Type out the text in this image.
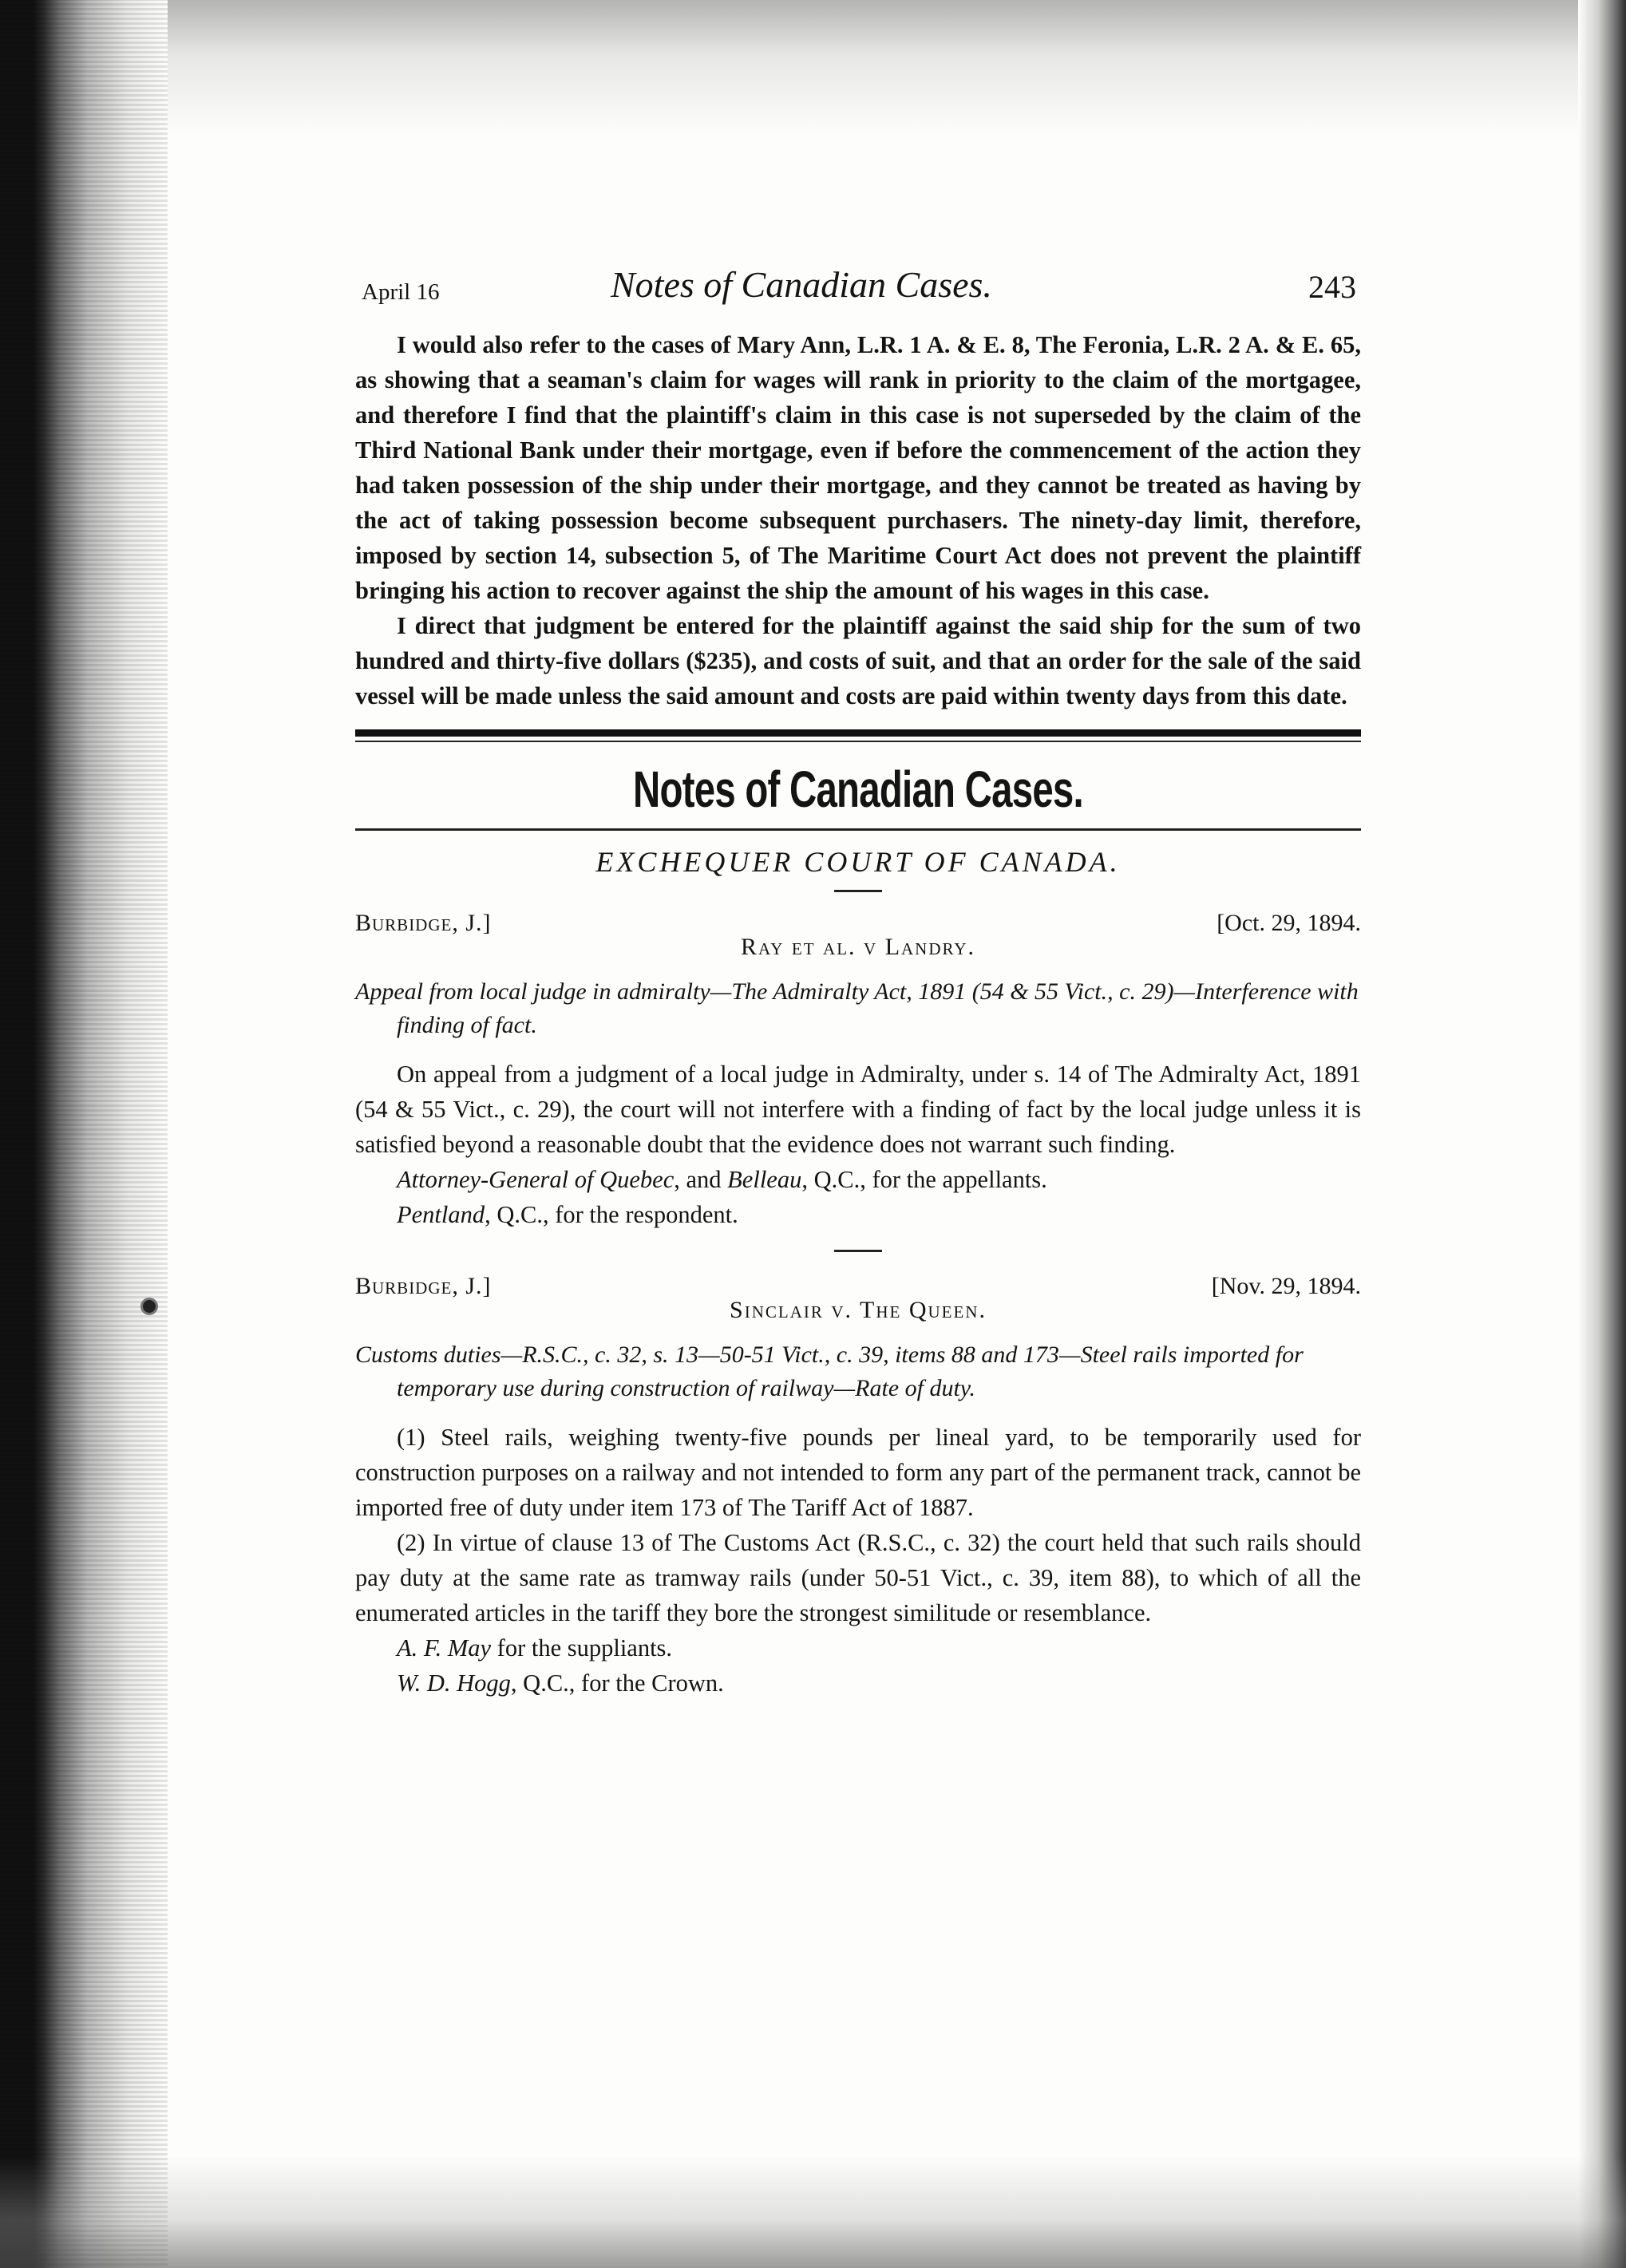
April 16	Notes of Canadian Cases.	243

I would also refer to the cases of Mary Ann, L.R. 1 A. & E. 8, The Feronia, L.R. 2 A. & E. 65, as showing that a seaman's claim for wages will rank in priority to the claim of the mortgagee, and therefore I find that the plaintiff's claim in this case is not superseded by the claim of the Third National Bank under their mortgage, even if before the commencement of the action they had taken possession of the ship under their mortgage, and they cannot be treated as having by the act of taking possession become subsequent purchasers. The ninety-day limit, therefore, imposed by section 14, subsection 5, of The Maritime Court Act does not prevent the plaintiff bringing his action to recover against the ship the amount of his wages in this case.

I direct that judgment be entered for the plaintiff against the said ship for the sum of two hundred and thirty-five dollars ($235), and costs of suit, and that an order for the sale of the said vessel will be made unless the said amount and costs are paid within twenty days from this date.

Notes of Canadian Cases.
EXCHEQUER COURT OF CANADA.
Burbidge, J.]	[Oct. 29, 1894.
Ray et al. v Landry.

Appeal from local judge in admiralty—The Admiralty Act, 1891 (54 & 55 Vict., c. 29)—Interference with finding of fact.

On appeal from a judgment of a local judge in Admiralty, under s. 14 of The Admiralty Act, 1891 (54 & 55 Vict., c. 29), the court will not interfere with a finding of fact by the local judge unless it is satisfied beyond a reasonable doubt that the evidence does not warrant such finding.

Attorney-General of Quebec, and Belleau, Q.C., for the appellants.

Pentland, Q.C., for the respondent.

Burbidge, J.]	[Nov. 29, 1894.
Sinclair v. The Queen.

Customs duties—R.S.C., c. 32, s. 13—50-51 Vict., c. 39, items 88 and 173—Steel rails imported for temporary use during construction of railway—Rate of duty.

(1) Steel rails, weighing twenty-five pounds per lineal yard, to be temporarily used for construction purposes on a railway and not intended to form any part of the permanent track, cannot be imported free of duty under item 173 of The Tariff Act of 1887.

(2) In virtue of clause 13 of The Customs Act (R.S.C., c. 32) the court held that such rails should pay duty at the same rate as tramway rails (under 50-51 Vict., c. 39, item 88), to which of all the enumerated articles in the tariff they bore the strongest similitude or resemblance.

A. F. May for the suppliants.

W. D. Hogg, Q.C., for the Crown.
